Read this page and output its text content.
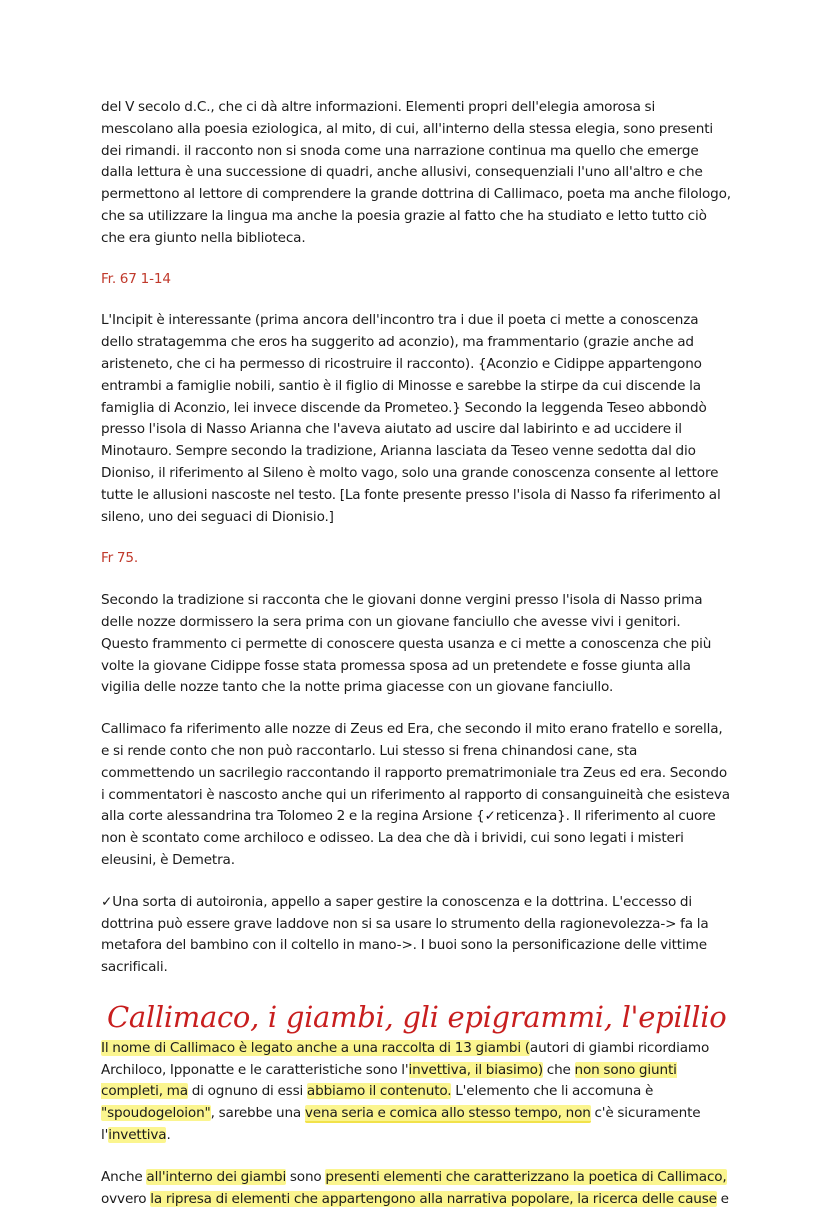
del V secolo d.C., che ci dà altre informazioni. Elementi propri dell'elegia amorosa si mescolano alla poesia eziologica, al mito, di cui, all'interno della stessa elegia, sono presenti dei rimandi. il racconto non si snoda come una narrazione continua ma quello che emerge dalla lettura è una successione di quadri, anche allusivi, consequenziali l'uno all'altro e che permettono al lettore di comprendere la grande dottrina di Callimaco, poeta ma anche filologo, che sa utilizzare la lingua ma anche la poesia grazie al fatto che ha studiato e letto tutto ciò che era giunto nella biblioteca.

Fr. 67 1-14

L'Incipit è interessante (prima ancora dell'incontro tra i due il poeta ci mette a conoscenza dello stratagemma che eros ha suggerito ad aconzio), ma frammentario (grazie anche ad aristeneto, che ci ha permesso di ricostruire il racconto). {Aconzio e Cidippe appartengono entrambi a famiglie nobili, santio è il figlio di Minosse e sarebbe la stirpe da cui discende la famiglia di Aconzio, lei invece discende da Prometeo.} Secondo la leggenda Teseo abbondò presso l'isola di Nasso Arianna che l'aveva aiutato ad uscire dal labirinto e ad uccidere il Minotauro. Sempre secondo la tradizione, Arianna lasciata da Teseo venne sedotta dal dio Dioniso, il riferimento al Sileno è molto vago, solo una grande conoscenza consente al lettore tutte le allusioni nascoste nel testo. [La fonte presente presso l'isola di Nasso fa riferimento al sileno, uno dei seguaci di Dionisio.]

Fr 75.

Secondo la tradizione si racconta che le giovani donne vergini presso l'isola di Nasso prima delle nozze dormissero la sera prima con un giovane fanciullo che avesse vivi i genitori. Questo frammento ci permette di conoscere questa usanza e ci mette a conoscenza che più volte la giovane Cidippe fosse stata promessa sposa ad un pretendete e fosse giunta alla vigilia delle nozze tanto che la notte prima giacesse con un giovane fanciullo.

Callimaco fa riferimento alle nozze di Zeus ed Era, che secondo il mito erano fratello e sorella, e si rende conto che non può raccontarlo. Lui stesso si frena chinandosi cane, sta commettendo un sacrilegio raccontando il rapporto prematrimoniale tra Zeus ed era. Secondo i commentatori è nascosto anche qui un riferimento al rapporto di consanguineità che esisteva alla corte alessandrina tra Tolomeo 2 e la regina Arsione {✓reticenza}. Il riferimento al cuore non è scontato come archiloco e odisseo. La dea che dà i brividi, cui sono legati i misteri eleusini, è Demetra.

✓Una sorta di autoironia, appello a saper gestire la conoscenza e la dottrina. L'eccesso di dottrina può essere grave laddove non si sa usare lo strumento della ragionevolezza-> fa la metafora del bambino con il coltello in mano->. I buoi sono la personificazione delle vittime sacrificali.

Callimaco, i giambi, gli epigrammi, l'epillio

Il nome di Callimaco è legato anche a una raccolta di 13 giambi (autori di giambi ricordiamo Archiloco, Ipponatte e le caratteristiche sono l'invettiva, il biasimo) che non sono giunti completi, ma di ognuno di essi abbiamo il contenuto. L'elemento che li accomuna è "spoudogeloion", sarebbe una vena seria e comica allo stesso tempo, non c'è sicuramente l'invettiva.

Anche all'interno dei giambi sono presenti elementi che caratterizzano la poetica di Callimaco, ovvero la ripresa di elementi che appartengono alla narrativa popolare, la ricerca delle cause e
